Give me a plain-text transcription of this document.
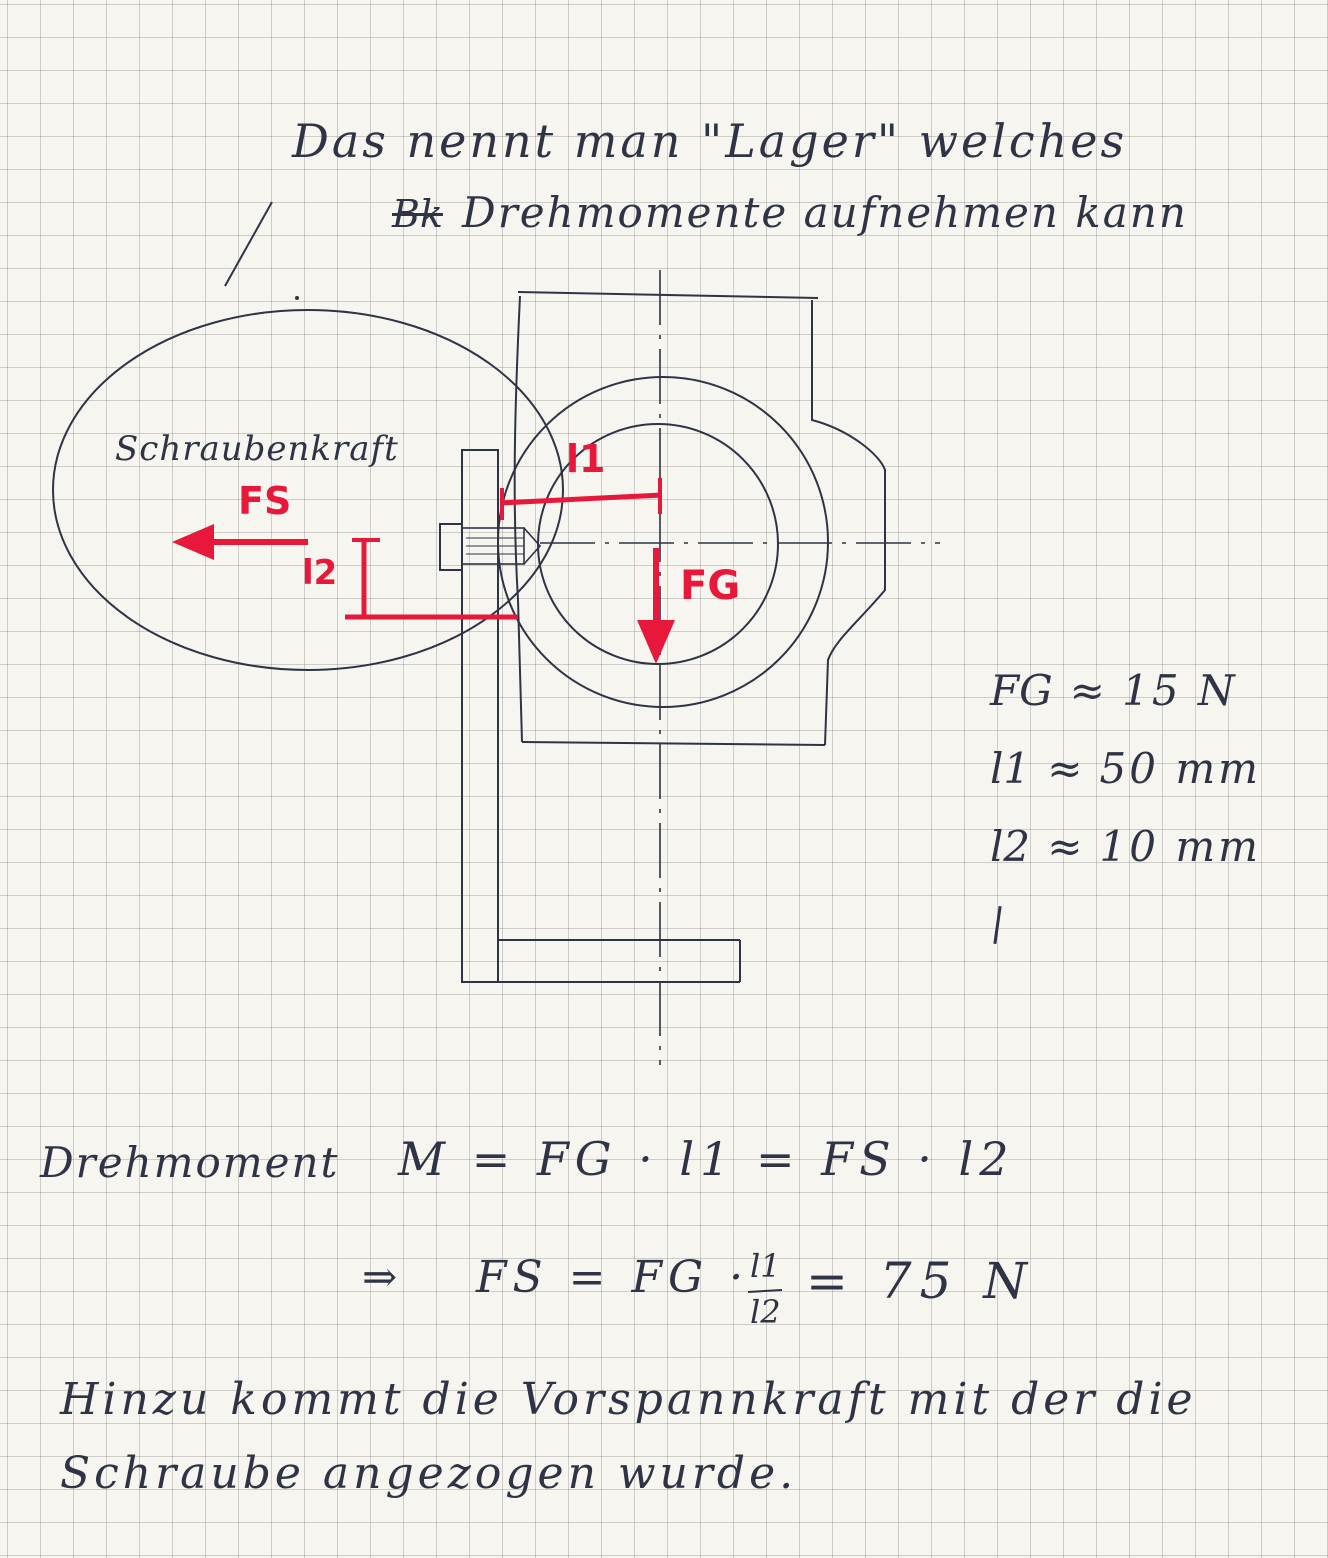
Das nennt man "Lager" welches
Bk Drehmomente aufnehmen kann
Schraubenkraft
FS
l1
l2	FG
FG ≈ 15 N
l1 ≈ 50 mm
l2 ≈ 10 mm
Drehmoment M = FG · l1 = FS · l2
⇒ FS = FG · l1
l2
= 75 N
Hinzu kommt die Vorspannkraft mit der die
Schraube angezogen wurde.
